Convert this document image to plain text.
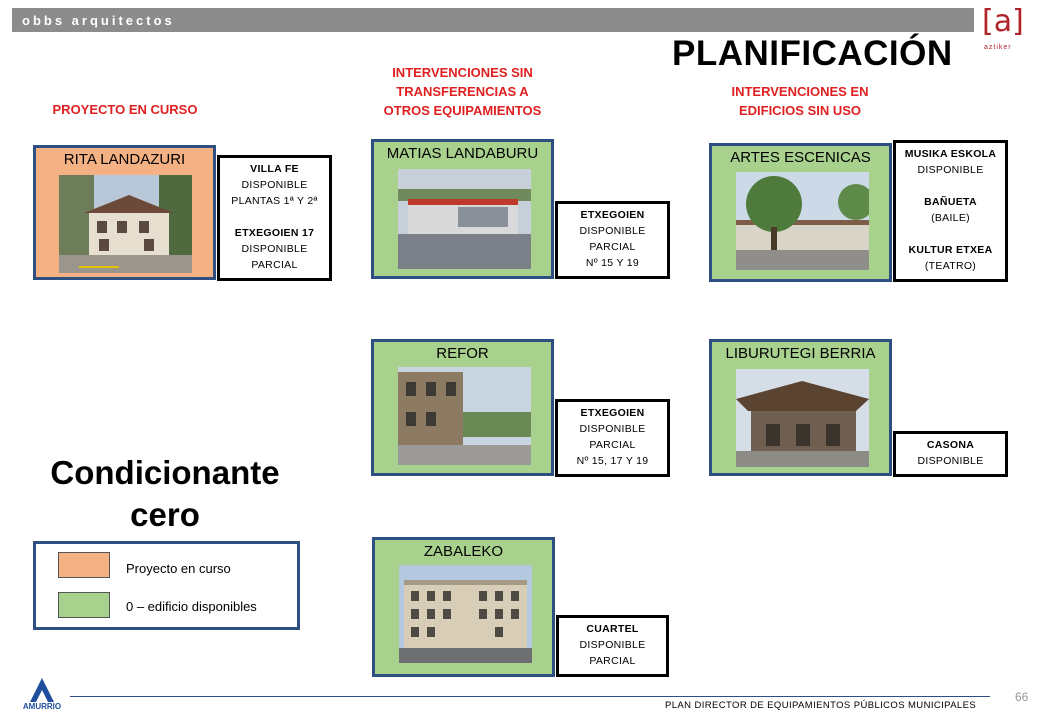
obbs arquitectos	[a]
aztiker
PLANIFICACIÓN
PROYECTO EN CURSO
INTERVENCIONES SIN
TRANSFERENCIAS A
OTROS EQUIPAMIENTOS
INTERVENCIONES EN
EDIFICIOS SIN USO
RITA LANDAZURI
VILLA FE
DISPONIBLE
PLANTAS 1ª Y 2ª
ETXEGOIEN 17
DISPONIBLE
PARCIAL
MATIAS LANDABURU
ETXEGOIEN
DISPONIBLE
PARCIAL
Nº 15 Y 19
REFOR
ETXEGOIEN
DISPONIBLE
PARCIAL
Nº 15, 17 Y 19
ZABALEKO
CUARTEL
DISPONIBLE
PARCIAL
ARTES ESCENICAS	MUSIKA ESKOLA
DISPONIBLE
BAÑUETA
(BAILE)
KULTUR ETXEA
(TEATRO)
LIBURUTEGI BERRIA
CASONA
DISPONIBLE
Condicionante
cero
Proyecto en curso
0 – edificio disponibles
AMURRIO	PLAN DIRECTOR DE EQUIPAMIENTOS PÚBLICOS MUNICIPALES
66
